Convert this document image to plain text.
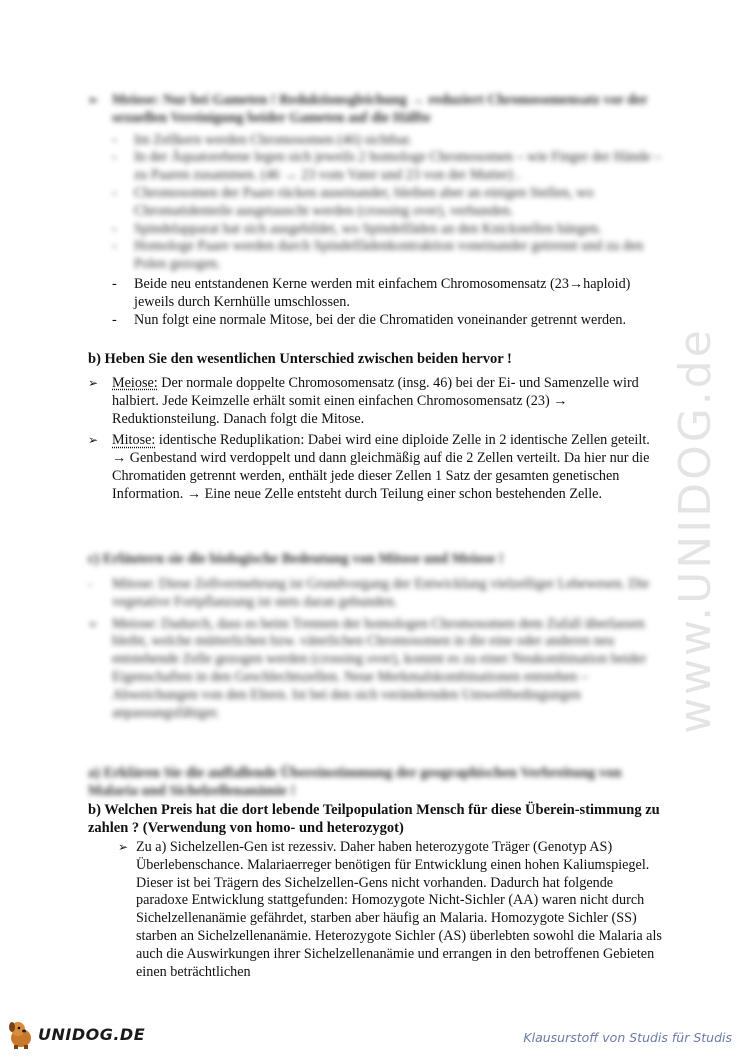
➢ Meiose: Nur bei Gameten ! Reduktionsgleichung → reduziert Chromosomensatz vor der sexuellen Vereinigung beider Gameten auf die Hälfte
- Im Zellkern werden Chromosomen (46) sichtbar.
- In der Äquatorebene legen sich jeweils 2 homologe Chromosomen – wie Finger der Hände – zu Paaren zusammen. (46 → 23 vom Vater und 23 von der Mutter) .
- Chromosomen der Paare rücken auseinander, bleiben aber an einigen Stellen, wo Chromatidenteile ausgetauscht werden (crossing over), verbunden.
- Spindelapparat hat sich ausgebildet, wo Spindelfäden an den Knickstellen hängen.
- Homologe Paare werden durch Spindelfädenkontraktion voneinander getrennt und zu den Polen gezogen.
- Beide neu entstandenen Kerne werden mit einfachem Chromosomensatz (23→haploid) jeweils durch Kernhülle umschlossen.
- Nun folgt eine normale Mitose, bei der die Chromatiden voneinander getrennt werden.
b) Heben Sie den wesentlichen Unterschied zwischen beiden hervor !
➢ Meiose: Der normale doppelte Chromosomensatz (insg. 46) bei der Ei- und Samenzelle wird halbiert. Jede Keimzelle erhält somit einen einfachen Chromosomensatz (23) → Reduktionsteilung. Danach folgt die Mitose.
➢ Mitose: identische Reduplikation: Dabei wird eine diploide Zelle in 2 identische Zellen geteilt. → Genbestand wird verdoppelt und dann gleichmäßig auf die 2 Zellen verteilt. Da hier nur die Chromatiden getrennt werden, enthält jede dieser Zellen 1 Satz der gesamten genetischen Information. → Eine neue Zelle entsteht durch Teilung einer schon bestehenden Zelle.
c) Erläutern sie die biologische Bedeutung von Mitose und Meiose !
- Mitose: Diese Zellvermehrung ist Grundvorgang der Entwicklung vielzelliger Lebewesen. Die vegetative Fortpflanzung ist stets daran gebunden.
➢ Meiose: Dadurch, dass es beim Trennen der homologen Chromosomen dem Zufall überlassen bleibt, welche mütterlichen bzw. väterlichen Chromosomen in die eine oder anderen neu entstehende Zelle gezogen werden (crossing over), kommt es zu einer Neukombination beider Eigenschaften in den Geschlechtszellen. Neue Merkmalskombinationen entstehen – Abweichungen von den Eltern. Ist bei den sich verändernden Umweltbedingungen anpassungsfähiger.
a) Erklären Sie die auffallende Übereinstimmung der geographischen Verbreitung von Malaria und Sichelzellenanämie !
b) Welchen Preis hat die dort lebende Teilpopulation Mensch für diese Überein-stimmung zu zahlen ? (Verwendung von homo- und heterozygot)
➢ Zu a) Sichelzellen-Gen ist rezessiv. Daher haben heterozygote Träger (Genotyp AS) Überlebenschance. Malariaerreger benötigen für Entwicklung einen hohen Kaliumspiegel. Dieser ist bei Trägern des Sichelzellen-Gens nicht vorhanden. Dadurch hat folgende paradoxe Entwicklung stattgefunden: Homozygote Nicht-Sichler (AA) waren nicht durch Sichelzellenanämie gefährdet, starben aber häufig an Malaria. Homozygote Sichler (SS) starben an Sichelzellenanämie. Heterozygote Sichler (AS) überlebten sowohl die Malaria als auch die Auswirkungen ihrer Sichelzellenanämie und errangen in den betroffenen Gebieten einen beträchtlichen
www.UNIDOG.de
UNIDOG.DE	Klausurstoff von Studis für Studis
